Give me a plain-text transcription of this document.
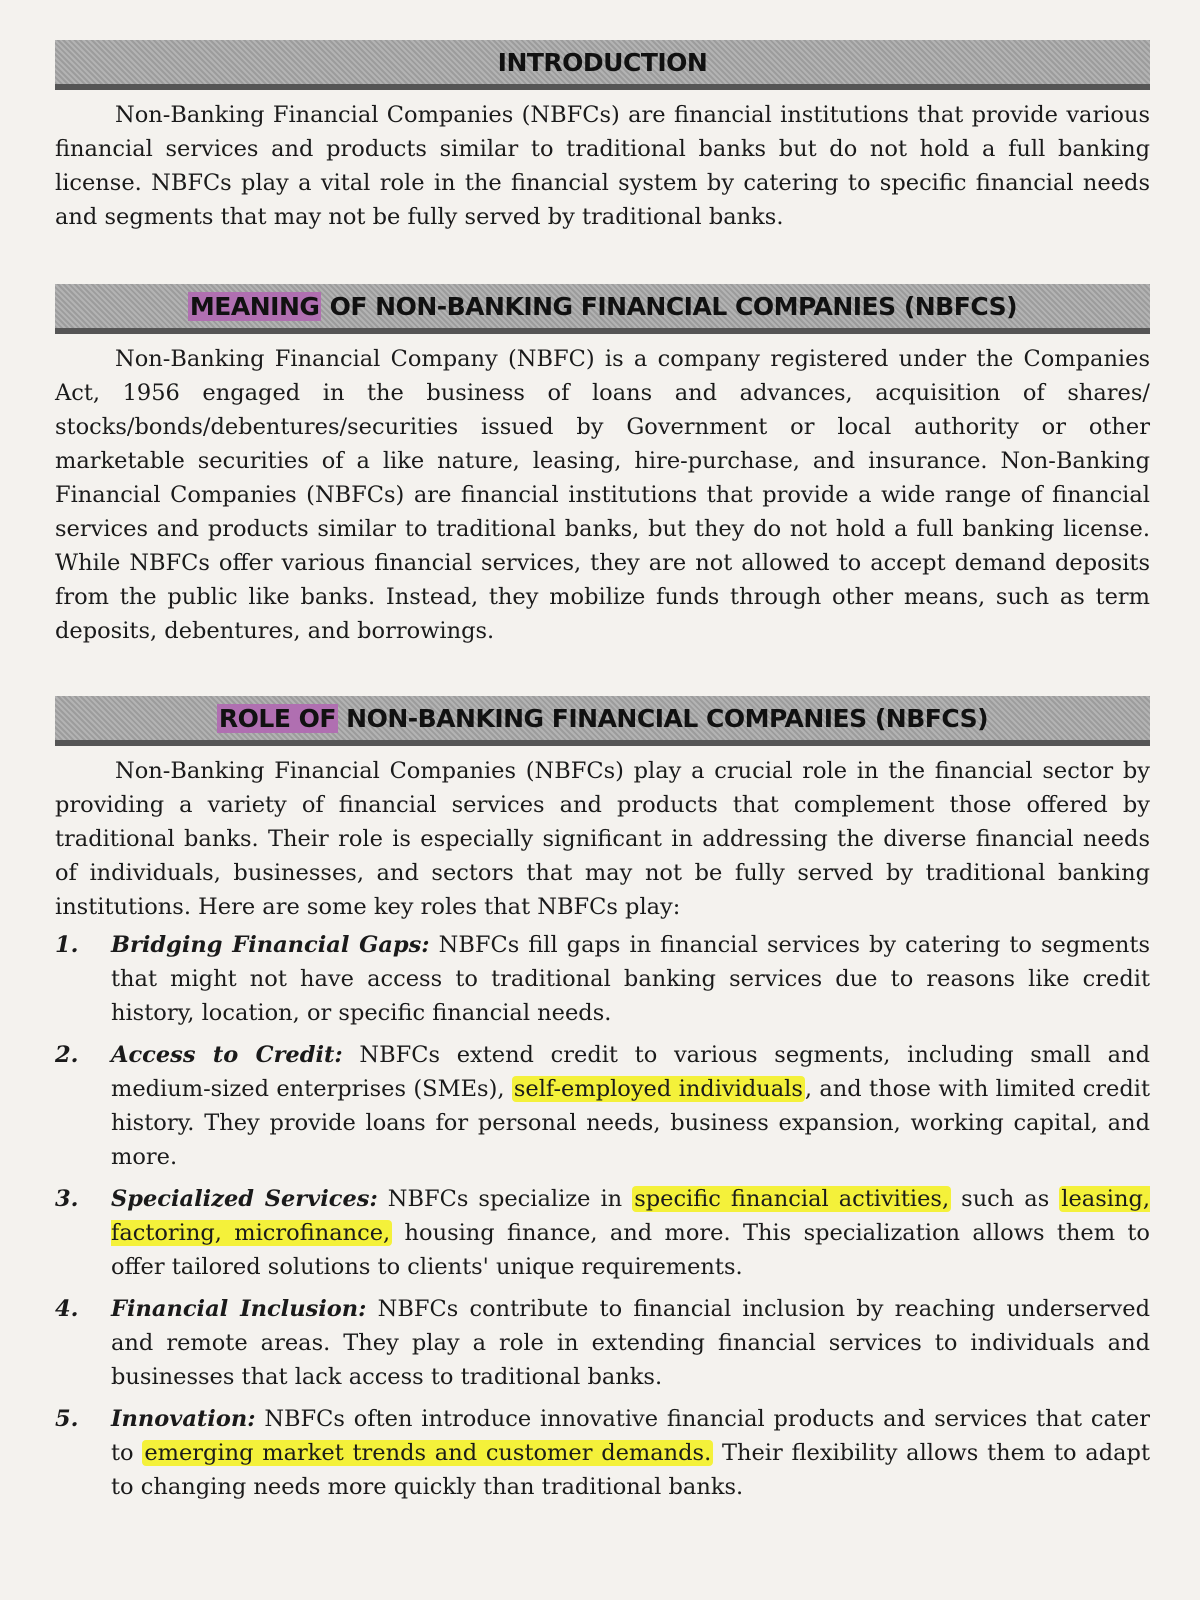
INTRODUCTION

Non-Banking Financial Companies (NBFCs) are financial institutions that provide various financial services and products similar to traditional banks but do not hold a full banking license. NBFCs play a vital role in the financial system by catering to specific financial needs and segments that may not be fully served by traditional banks.

MEANING OF NON-BANKING FINANCIAL COMPANIES (NBFCS)

Non-Banking Financial Company (NBFC) is a company registered under the Companies Act, 1956 engaged in the business of loans and advances, acquisition of shares/ stocks/bonds/debentures/securities issued by Government or local authority or other marketable securities of a like nature, leasing, hire-purchase, and insurance. Non-Banking Financial Companies (NBFCs) are financial institutions that provide a wide range of financial services and products similar to traditional banks, but they do not hold a full banking license. While NBFCs offer various financial services, they are not allowed to accept demand deposits from the public like banks. Instead, they mobilize funds through other means, such as term deposits, debentures, and borrowings.

ROLE OF NON-BANKING FINANCIAL COMPANIES (NBFCS)

Non-Banking Financial Companies (NBFCs) play a crucial role in the financial sector by providing a variety of financial services and products that complement those offered by traditional banks. Their role is especially significant in addressing the diverse financial needs of individuals, businesses, and sectors that may not be fully served by traditional banking institutions. Here are some key roles that NBFCs play:

1.	Bridging Financial Gaps: NBFCs fill gaps in financial services by catering to segments that might not have access to traditional banking services due to reasons like credit history, location, or specific financial needs.
2.	Access to Credit: NBFCs extend credit to various segments, including small and medium-sized enterprises (SMEs), self-employed individuals, and those with limited credit history. They provide loans for personal needs, business expansion, working capital, and more.
3.	Specialized Services: NBFCs specialize in specific financial activities, such as leasing, factoring, microfinance, housing finance, and more. This specialization allows them to offer tailored solutions to clients' unique requirements.
4.	Financial Inclusion: NBFCs contribute to financial inclusion by reaching underserved and remote areas. They play a role in extending financial services to individuals and businesses that lack access to traditional banks.
5.	Innovation: NBFCs often introduce innovative financial products and services that cater to emerging market trends and customer demands. Their flexibility allows them to adapt to changing needs more quickly than traditional banks.
